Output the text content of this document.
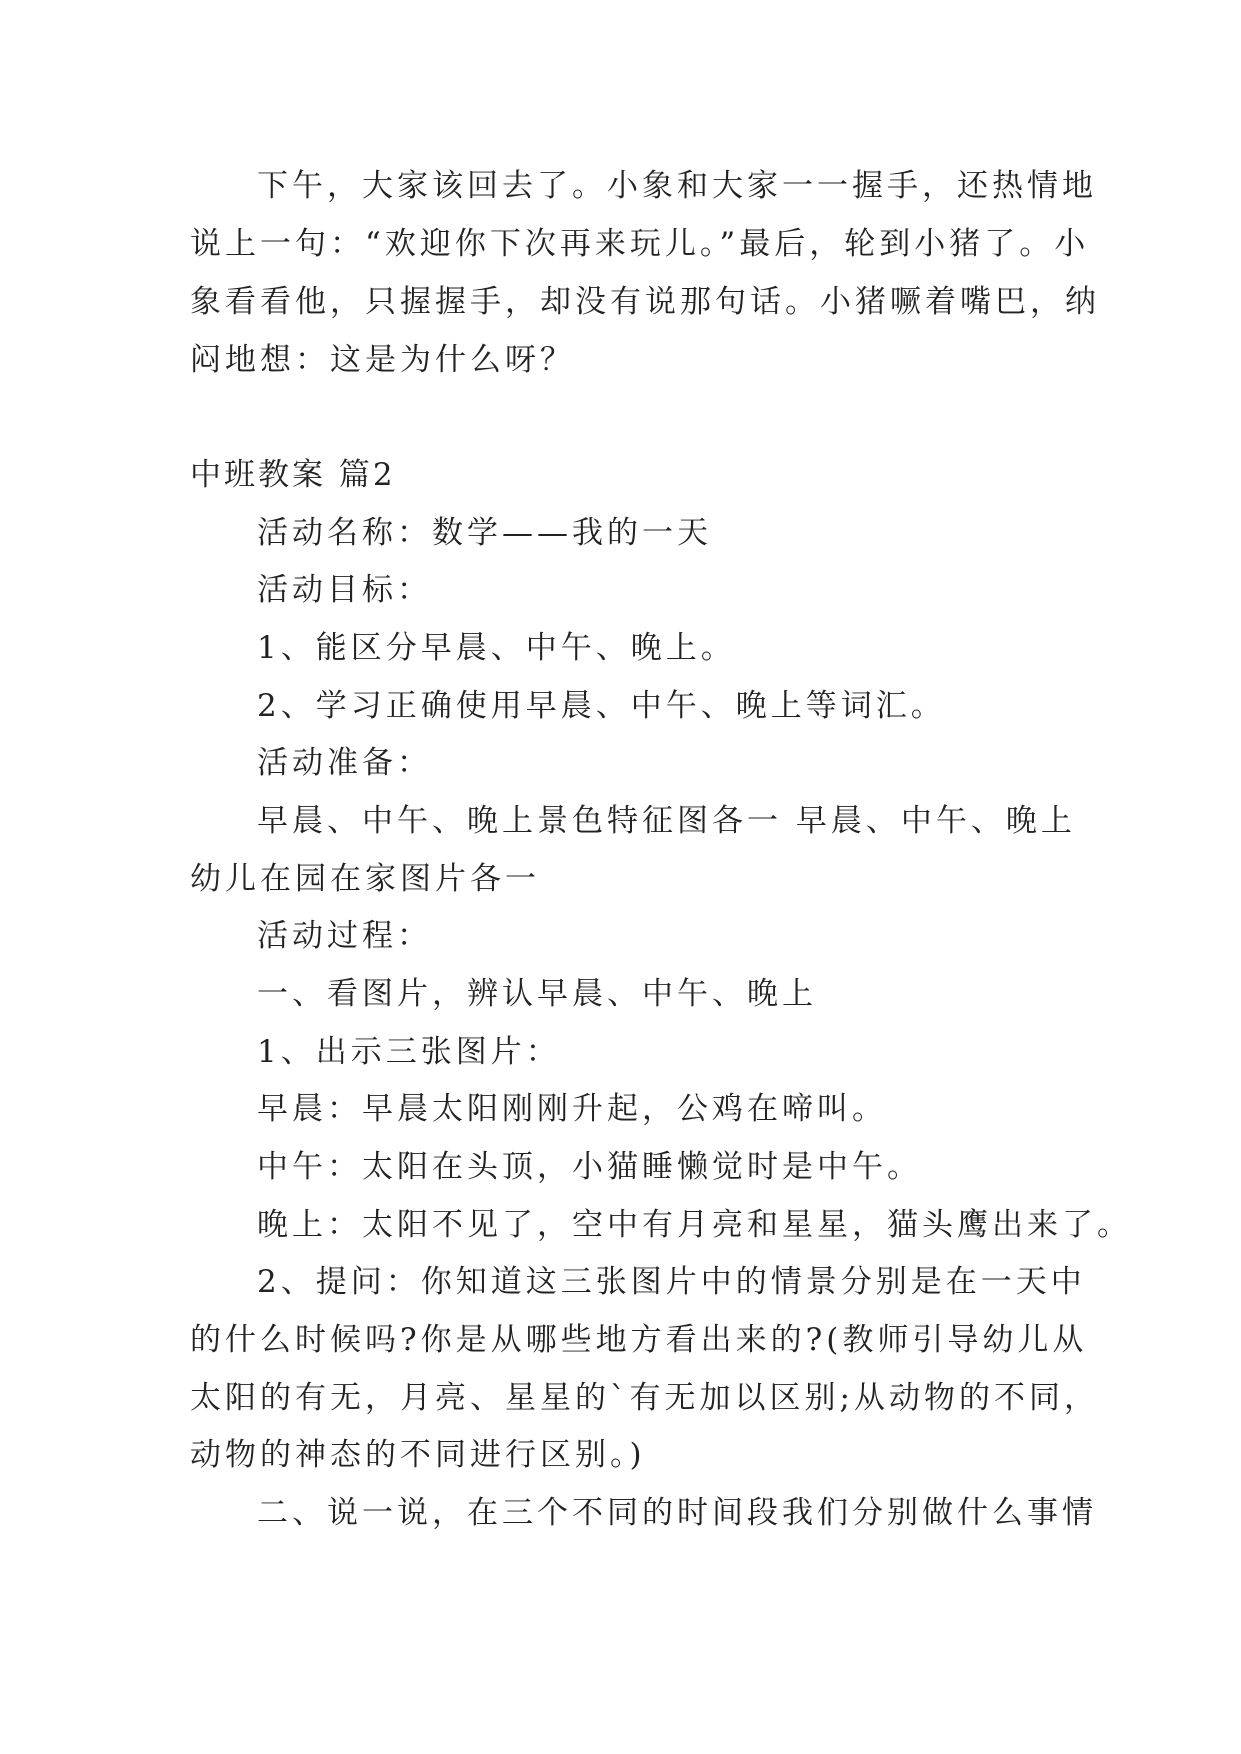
下午，大家该回去了。小象和大家一一握手，还热情地
说上一句：“欢迎你下次再来玩儿。”最后，轮到小猪了。小
象看看他，只握握手，却没有说那句话。小猪噘着嘴巴，纳
闷地想：这是为什么呀？
中班教案 篇2
活动名称：数学——我的一天
活动目标：
1、能区分早晨、中午、晚上。
2、学习正确使用早晨、中午、晚上等词汇。
活动准备：
早晨、中午、晚上景色特征图各一 早晨、中午、晚上
幼儿在园在家图片各一
活动过程：
一、看图片，辨认早晨、中午、晚上
1、出示三张图片：
早晨：早晨太阳刚刚升起，公鸡在啼叫。
中午：太阳在头顶，小猫睡懒觉时是中午。
晚上：太阳不见了，空中有月亮和星星，猫头鹰出来了。
2、提问：你知道这三张图片中的情景分别是在一天中
的什么时候吗?你是从哪些地方看出来的?(教师引导幼儿从
太阳的有无，月亮、星星的`有无加以区别;从动物的不同，
动物的神态的不同进行区别。)
二、说一说，在三个不同的时间段我们分别做什么事情
